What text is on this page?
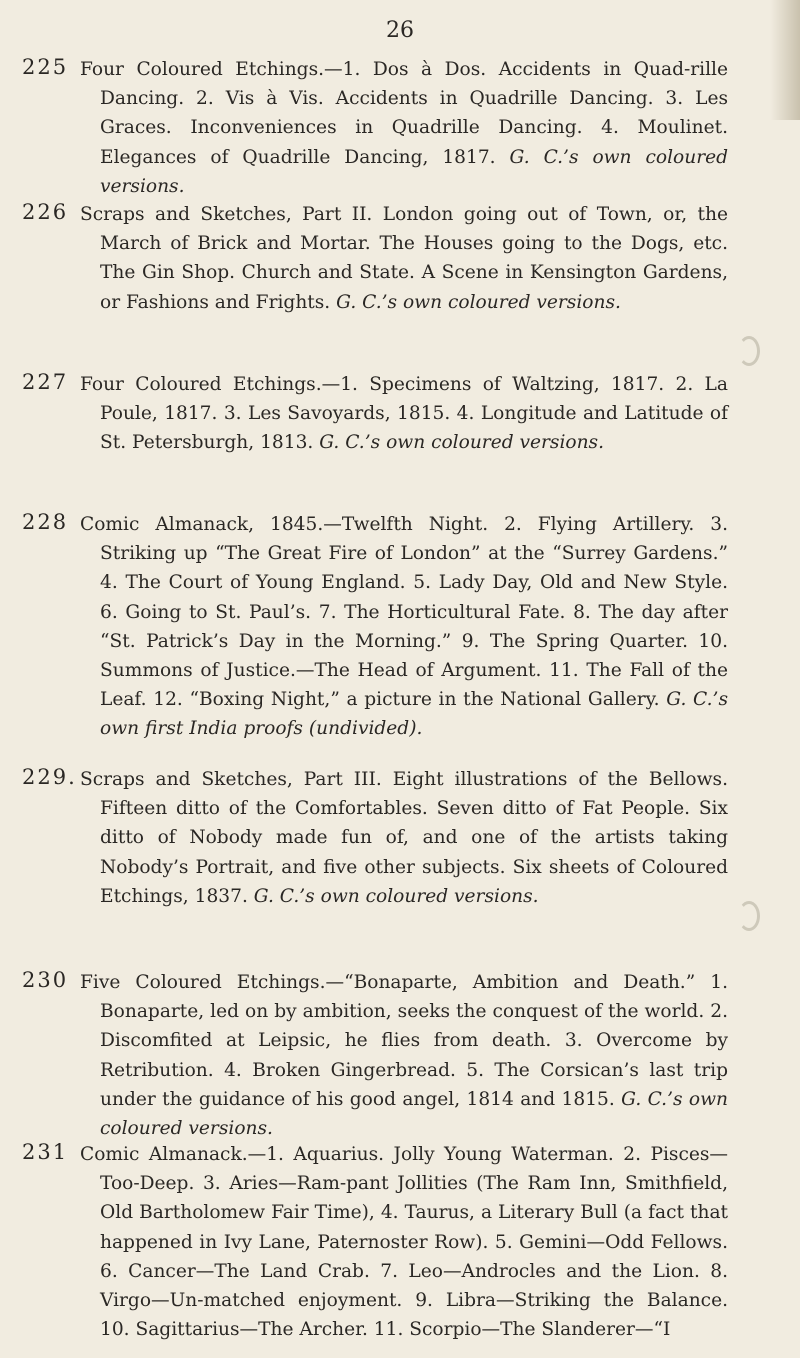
26
225 Four Coloured Etchings.—1. Dos à Dos. Accidents in Quad-rille Dancing. 2. Vis à Vis. Accidents in Quadrille Dancing. 3. Les Graces. Inconveniences in Quadrille Dancing. 4. Moulinet. Elegances of Quadrille Dancing, 1817. G. C.’s own coloured versions.

226 Scraps and Sketches, Part II. London going out of Town, or, the March of Brick and Mortar. The Houses going to the Dogs, etc. The Gin Shop. Church and State. A Scene in Kensington Gardens, or Fashions and Frights. G. C.’s own coloured versions.

227 Four Coloured Etchings.—1. Specimens of Waltzing, 1817. 2. La Poule, 1817. 3. Les Savoyards, 1815. 4. Longitude and Latitude of St. Petersburgh, 1813. G. C.’s own coloured versions.

228 Comic Almanack, 1845.—Twelfth Night. 2. Flying Artillery. 3. Striking up “The Great Fire of London” at the “Surrey Gardens.” 4. The Court of Young England. 5. Lady Day, Old and New Style. 6. Going to St. Paul’s. 7. The Horticultural Fate. 8. The day after “St. Patrick’s Day in the Morning.” 9. The Spring Quarter. 10. Summons of Justice.—The Head of Argument. 11. The Fall of the Leaf. 12. “Boxing Night,” a picture in the National Gallery. G. C.’s own first India proofs (undivided).

229. Scraps and Sketches, Part III. Eight illustrations of the Bellows. Fifteen ditto of the Comfortables. Seven ditto of Fat People. Six ditto of Nobody made fun of, and one of the artists taking Nobody’s Portrait, and five other subjects. Six sheets of Coloured Etchings, 1837. G. C.’s own coloured versions.

230 Five Coloured Etchings.—“Bonaparte, Ambition and Death.” 1. Bonaparte, led on by ambition, seeks the conquest of the world. 2. Discomfited at Leipsic, he flies from death. 3. Overcome by Retribution. 4. Broken Gingerbread. 5. The Corsican’s last trip under the guidance of his good angel, 1814 and 1815. G. C.’s own coloured versions.

231 Comic Almanack.—1. Aquarius. Jolly Young Waterman. 2. Pisces—Too-Deep. 3. Aries—Ram-pant Jollities (The Ram Inn, Smithfield, Old Bartholomew Fair Time), 4. Taurus, a Literary Bull (a fact that happened in Ivy Lane, Paternoster Row). 5. Gemini—Odd Fellows. 6. Cancer—The Land Crab. 7. Leo—Androcles and the Lion. 8. Virgo—Un-matched enjoyment. 9. Libra—Striking the Balance. 10. Sagittarius—The Archer. 11. Scorpio—The Slanderer—“I
